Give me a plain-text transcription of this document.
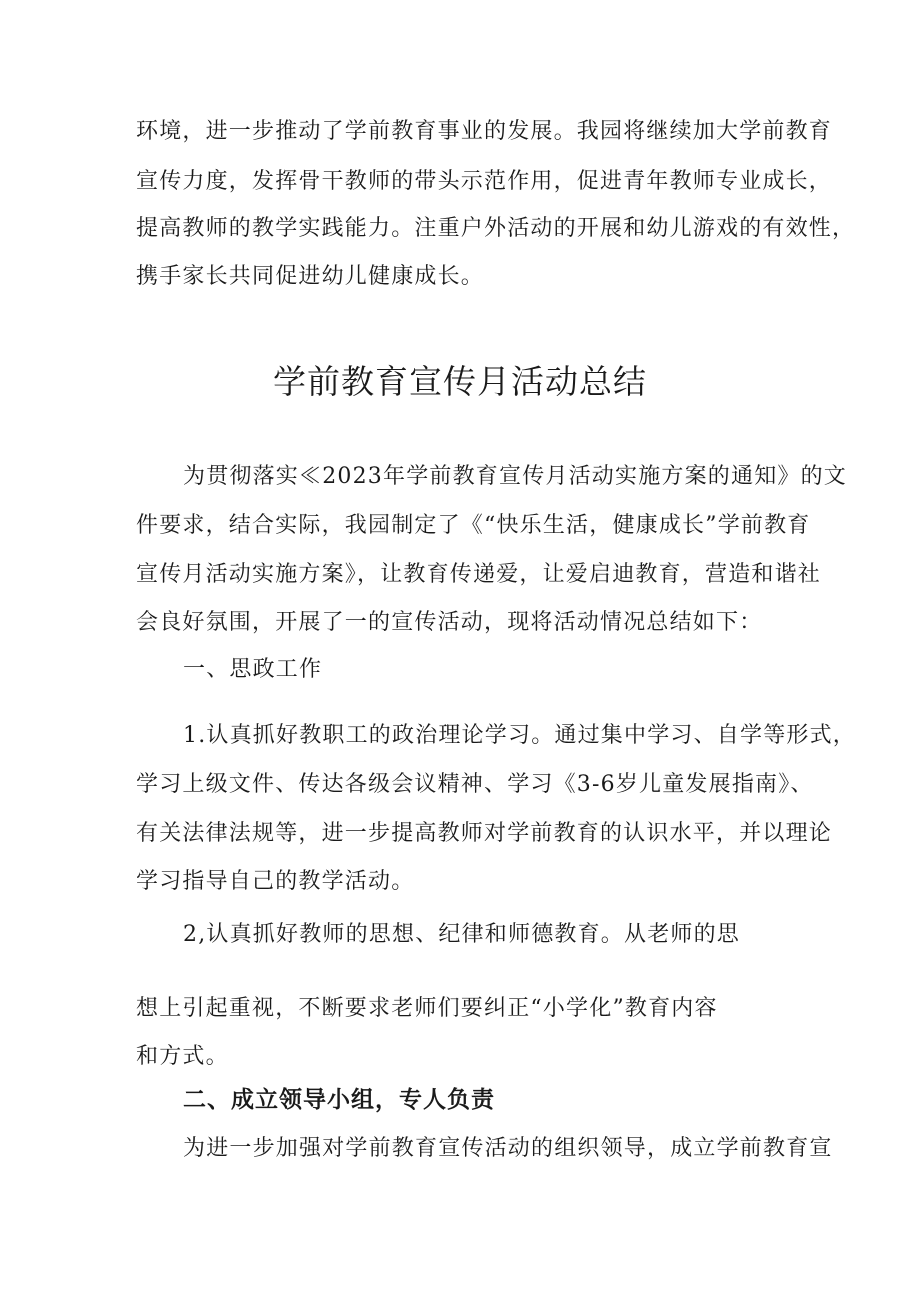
环境，进一步推动了学前教育事业的发展。我园将继续加大学前教育
宣传力度，发挥骨干教师的带头示范作用，促进青年教师专业成长，
提高教师的教学实践能力。注重户外活动的开展和幼儿游戏的有效性，
携手家长共同促进幼儿健康成长。
学前教育宣传月活动总结
为贯彻落实≪2023年学前教育宣传月活动实施方案的通知》的文
件要求，结合实际，我园制定了《“快乐生活，健康成长”学前教育
宣传月活动实施方案》，让教育传递爱，让爱启迪教育，营造和谐社
会良好氛围，开展了一的宣传活动，现将活动情况总结如下：
一、思政工作
1.认真抓好教职工的政治理论学习。通过集中学习、自学等形式，
学习上级文件、传达各级会议精神、学习《3-6岁儿童发展指南》、
有关法律法规等，进一步提高教师对学前教育的认识水平，并以理论
学习指导自己的教学活动。
2,认真抓好教师的思想、纪律和师德教育。从老师的思
想上引起重视，不断要求老师们要纠正“小学化”教育内容
和方式。
二、成立领导小组，专人负责
为进一步加强对学前教育宣传活动的组织领导，成立学前教育宣
